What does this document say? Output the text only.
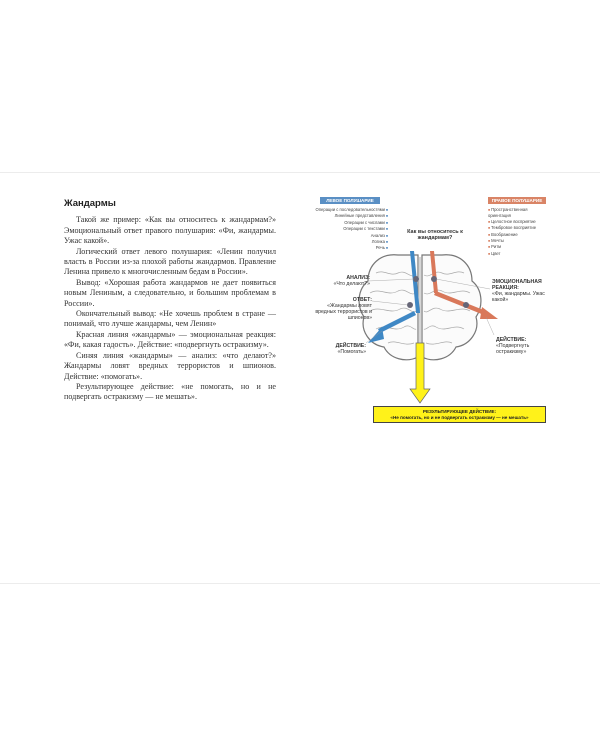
Жандармы

Такой же пример: «Как вы относитесь к жандармам?» Эмоциональный ответ правого полушария: «Фи, жандармы. Ужас какой».

Логический ответ левого полушария: «Ленин получил власть в России из-за плохой работы жандармов. Правление Ленина привело к многочисленным бедам в России».

Вывод: «Хорошая работа жандармов не дает появиться новым Лениным, а следовательно, и большим проблемам в России».

Окончательный вывод: «Не хочешь проблем в стране — понимай, что лучше жандармы, чем Ленин»

Красная линия «жандармы» — эмоциональная реакция: «Фи, какая гадость». Действие: «подвергнуть остракизму».

Синяя линия «жандармы» — анализ: «что делают?» Жандармы ловят вредных террористов и шпионов. Действие: «помогать».

Результирующее действие: «не помогать, но и не подвергать остракизму — не мешать».

ЛЕВОЕ ПОЛУШАРИЕ	ПРАВОЕ ПОЛУШАРИЕ
Операции с последовательностями ■
Линейные представления ■
Операции с числами ■
Операции с текстами ■
Анализ ■
Логика ■
Речь ■
■ Пространственная ориентация
■ Целостное восприятие
■ Тембровое восприятие
■ Воображение
■ Мечты
■ Ритм
■ Цвет
Как вы относитесь к жандармам?
АНАЛИЗ:
«Что делают?»
ОТВЕТ:
«Жандармы ловят вредных террористов и шпионов»
ДЕЙСТВИЕ:
«Помогать»
ЭМОЦИОНАЛЬНАЯ РЕАКЦИЯ:
«Фи, жандармы. Ужас какой»
ДЕЙСТВИЕ:
«Подвергнуть остракизму»
РЕЗУЛЬТИРУЮЩЕЕ ДЕЙСТВИЕ:
«Не помогать, но и не подвергать остракизму — не мешать»
